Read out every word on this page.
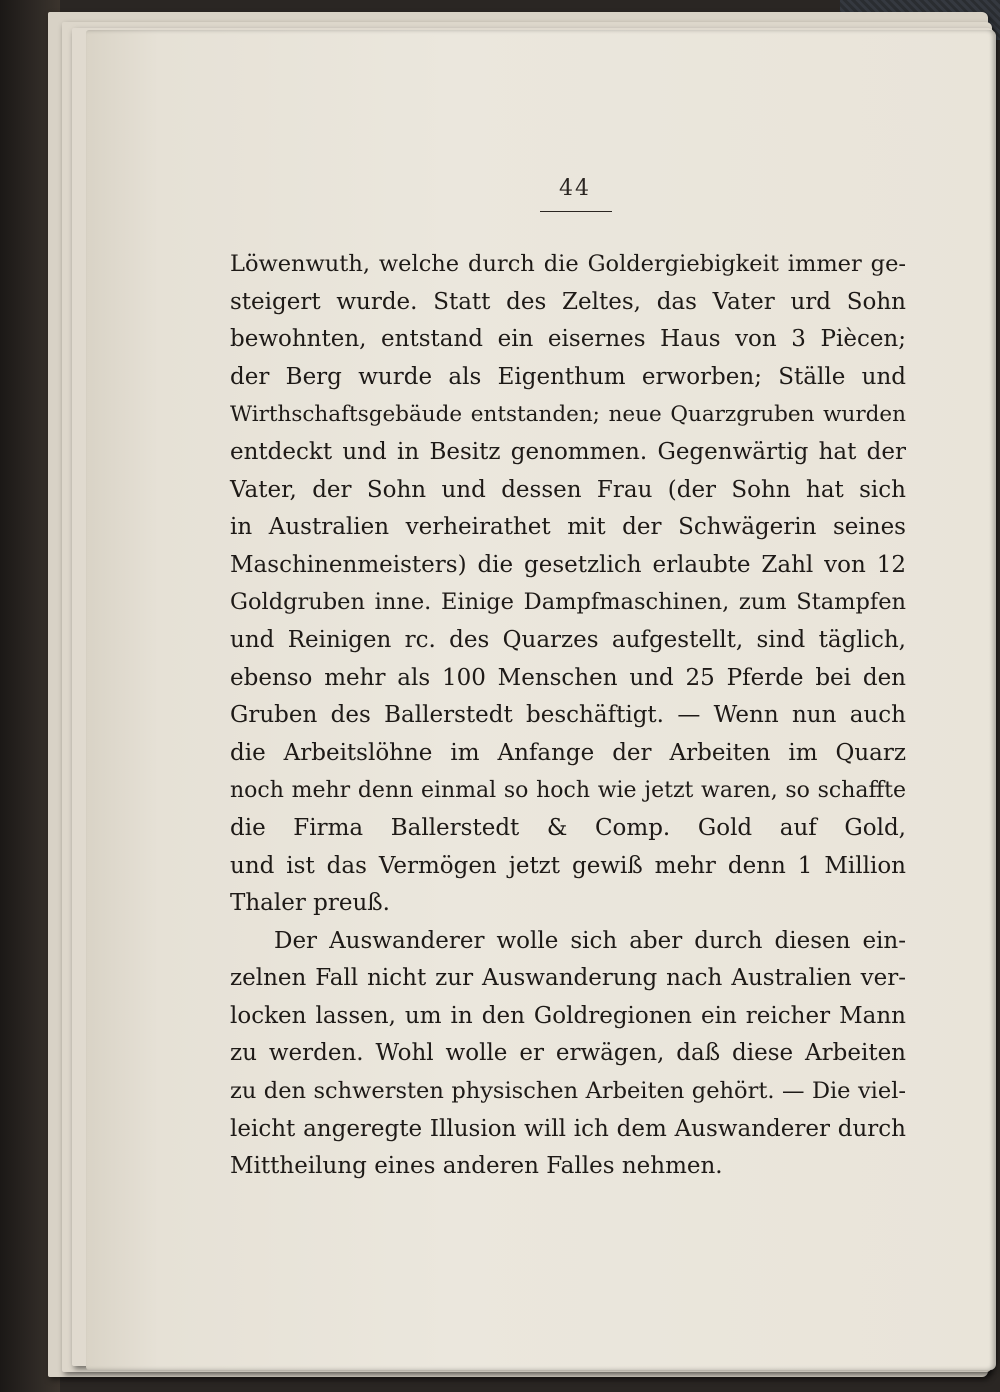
44
Löwenwuth, welche durch die Goldergiebigkeit immer ge-
steigert wurde. Statt des Zeltes, das Vater urd Sohn
bewohnten, entstand ein eisernes Haus von 3 Piècen;
der Berg wurde als Eigenthum erworben; Ställe und
Wirthschaftsgebäude entstanden; neue Quarzgruben wurden
entdeckt und in Besitz genommen. Gegenwärtig hat der
Vater, der Sohn und dessen Frau (der Sohn hat sich
in Australien verheirathet mit der Schwägerin seines
Maschinenmeisters) die gesetzlich erlaubte Zahl von 12
Goldgruben inne. Einige Dampfmaschinen, zum Stampfen
und Reinigen rc. des Quarzes aufgestellt, sind täglich,
ebenso mehr als 100 Menschen und 25 Pferde bei den
Gruben des Ballerstedt beschäftigt. — Wenn nun auch
die Arbeitslöhne im Anfange der Arbeiten im Quarz
noch mehr denn einmal so hoch wie jetzt waren, so schaffte
die Firma Ballerstedt & Comp. Gold auf Gold,
und ist das Vermögen jetzt gewiß mehr denn 1 Million
Thaler preuß.
Der Auswanderer wolle sich aber durch diesen ein-
zelnen Fall nicht zur Auswanderung nach Australien ver-
locken lassen, um in den Goldregionen ein reicher Mann
zu werden. Wohl wolle er erwägen, daß diese Arbeiten
zu den schwersten physischen Arbeiten gehört. — Die viel-
leicht angeregte Illusion will ich dem Auswanderer durch
Mittheilung eines anderen Falles nehmen.
